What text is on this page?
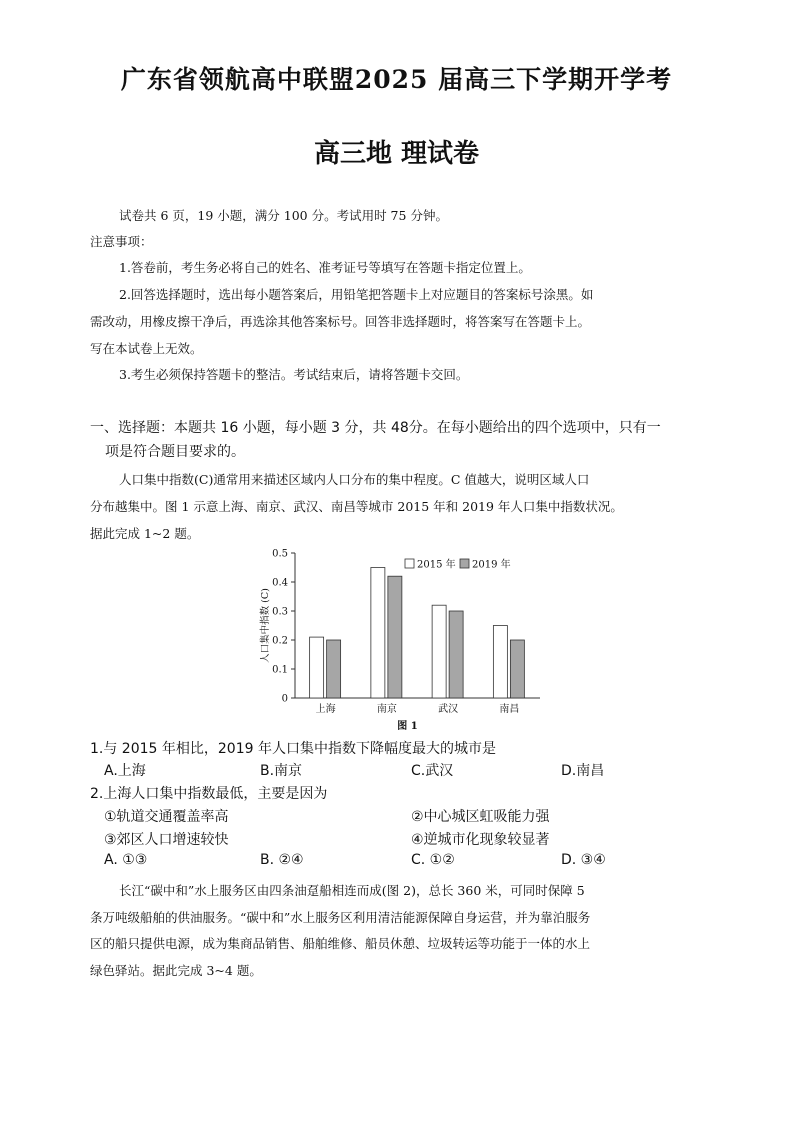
广东省领航高中联盟2025 届高三下学期开学考
高三地 理试卷
试卷共 6 页，19 小题，满分 100 分。考试用时 75 分钟。
注意事项：
1.答卷前，考生务必将自己的姓名、准考证号等填写在答题卡指定位置上。
2.回答选择题时，选出每小题答案后，用铅笔把答题卡上对应题目的答案标号涂黑。如
需改动，用橡皮擦干净后，再选涂其他答案标号。回答非选择题时，将答案写在答题卡上。
写在本试卷上无效。
3.考生必须保持答题卡的整洁。考试结束后，请将答题卡交回。
一、选择题：本题共 16 小题，每小题 3 分，共 48分。在每小题给出的四个选项中，只有一
项是符合题目要求的。
人口集中指数(C)通常用来描述区域内人口分布的集中程度。C 值越大，说明区域人口
分布越集中。图 1 示意上海、南京、武汉、南昌等城市 2015 年和 2019 年人口集中指数状况。
据此完成 1~2 题。
0
0.1
0.2
0.3
0.4
0.5
人口集中指数 (C)
上海	南京	武汉	南昌
2015 年 2019 年
图 1
1.与 2015 年相比，2019 年人口集中指数下降幅度最大的城市是
A.上海	B.南京	C.武汉	D.南昌
2.上海人口集中指数最低，主要是因为
①轨道交通覆盖率高	②中心城区虹吸能力强
③郊区人口增速较快	④逆城市化现象较显著
A. ①③	B. ②④	C. ①②	D. ③④
长江“碳中和”水上服务区由四条油趸船相连而成(图 2)，总长 360 米，可同时保障 5
条万吨级船舶的供油服务。“碳中和”水上服务区利用清洁能源保障自身运营，并为靠泊服务
区的船只提供电源，成为集商品销售、船舶维修、船员休憩、垃圾转运等功能于一体的水上
绿色驿站。据此完成 3~4 题。
